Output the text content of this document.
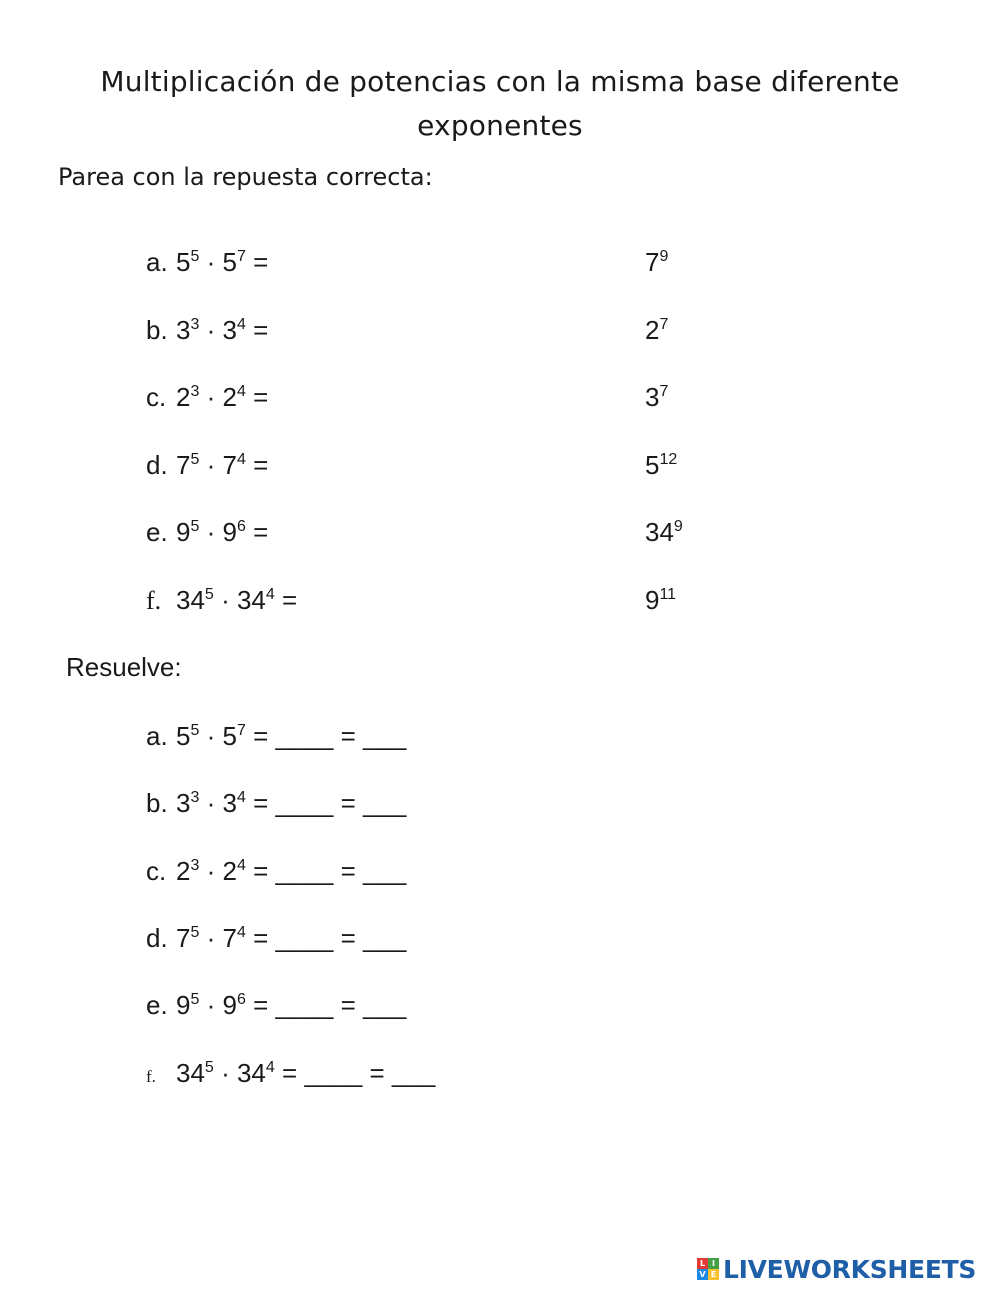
Multiplicación de potencias con la misma base diferente
exponentes
Parea con la repuesta correcta:
a. $5^5 \cdot 5^7$ =
b. $3^3 \cdot 3^4$ =
c. $2^3 \cdot 2^4$ =
d. $7^5 \cdot 7^4$ =
e. $9^5 \cdot 9^6$ =
f. $34^5 \cdot 34^4$ =
$7^9$
$2^7$
$3^7$
$5^{12}$
$34^9$
$9^{11}$
Resuelve:
a. $5^5 \cdot 5^7$ = ____ = ___
b. $3^3 \cdot 3^4$ = ____ = ___
c. $2^3 \cdot 2^4$ = ____ = ___
d. $7^5 \cdot 7^4$ = ____ = ___
e. $9^5 \cdot 9^6$ = ____ = ___
f. $34^5 \cdot 34^4$ = ____ = ___
L I
V E LIVEWORKSHEETS
